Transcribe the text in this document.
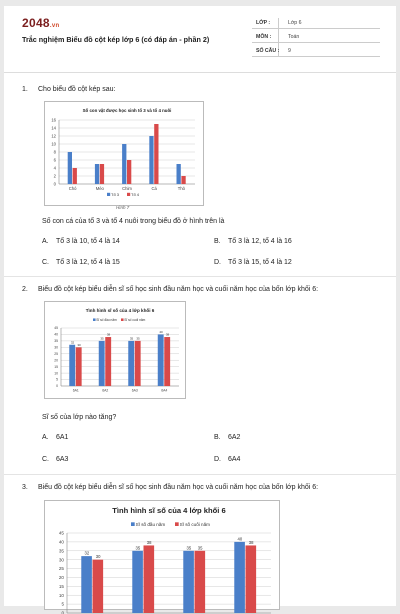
2048.vn
Trắc nghiệm Biểu đồ cột kép lớp 6 (có đáp án - phần 2)
LỚP :	Lớp 6
MÔN :	Toán
SỐ CÂU : 9
1.	Cho biểu đồ cột kép sau:
Số con vật được học sinh tổ 3 và tổ 4 nuôi
0
2
4
6
8
10
12
14
16
Chó	Mèo	Chim	Cá	Thỏ
Tổ 3	Tổ 4
Hình 7
Số con cá của tổ 3 và tổ 4 nuôi trong biểu đồ ở hình trên là
A. Tổ 3 là 10, tổ 4 là 14	B. Tổ 3 là 12, tổ 4 là 16
C. Tổ 3 là 12, tổ 4 là 15	D. Tổ 3 là 15, tổ 4 là 12
2.	Biểu đồ cột kép biểu diễn sĩ số học sinh đầu năm học và cuối năm học của bốn lớp khối 6:
Tình hình sĩ số của 4 lớp khối 6
0
5
10
15
20
25
30
35
40
45
32
30
6A1
35
38
6A2
35 35
6A3
40
38
6A4
Sĩ số đầu năm Sĩ số cuối năm
Sĩ số của lớp nào tăng?
A. 6A1	B. 6A2
C. 6A3	D. 6A4
3.	Biểu đồ cột kép biểu diễn sĩ số học sinh đầu năm học và cuối năm học của bốn lớp khối 6:
Tình hình sĩ số của 4 lớp khối 6
0
5
10
15
20
25
30
35
40
45
32
30
35
38
35 35
40
38
Sĩ số đầu năm	Sĩ số cuối năm
